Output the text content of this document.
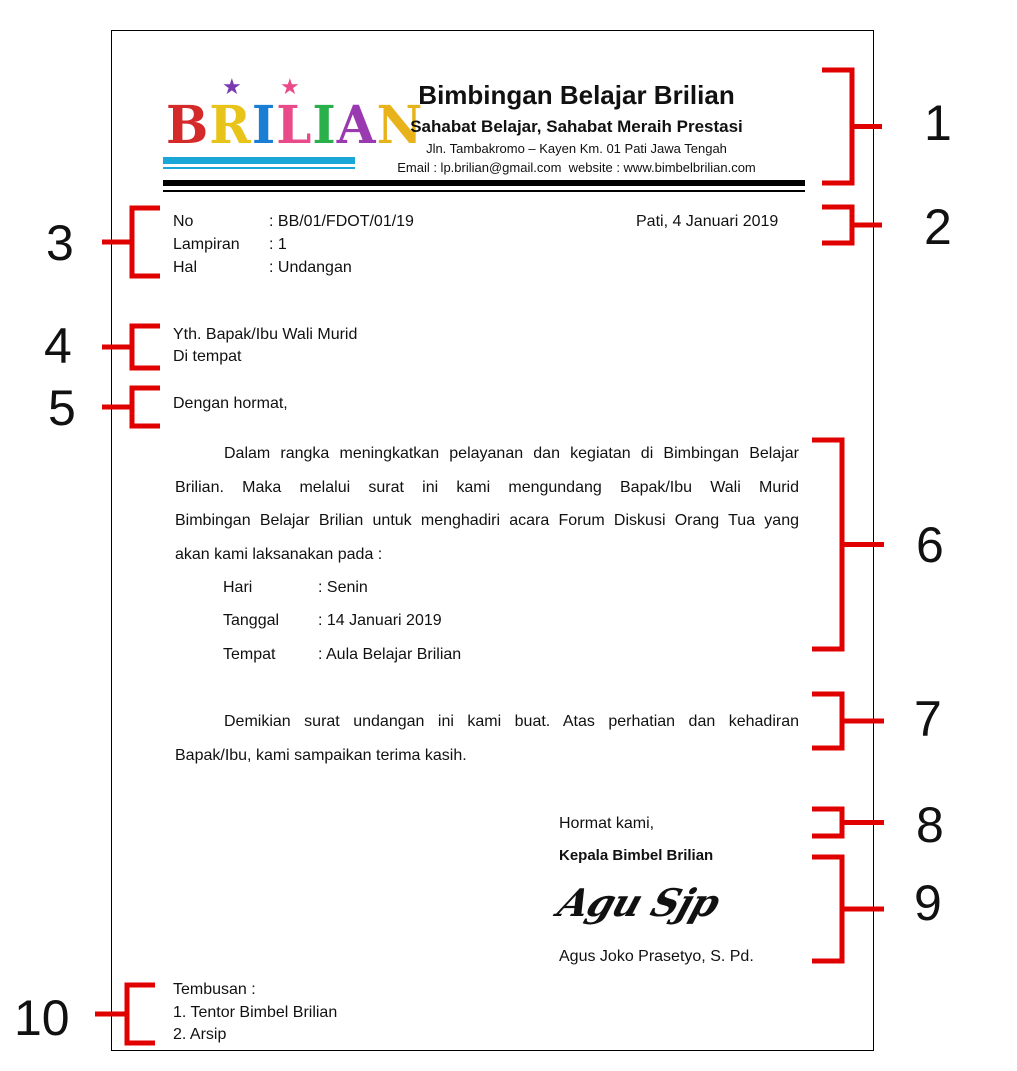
★ ★
BRILIAN
Bimbingan Belajar Brilian
Sahabat Belajar, Sahabat Meraih Prestasi
Jln. Tambakromo – Kayen Km. 01 Pati Jawa Tengah
Email : lp.brilian@gmail.com  website : www.bimbelbrilian.com
No	: BB/01/FDOT/01/19
Lampiran : 1
Hal	: Undangan
Pati, 4 Januari 2019
Yth. Bapak/Ibu Wali Murid
Di tempat
Dengan hormat,
Dalam rangka meningkatkan pelayanan dan kegiatan di Bimbingan Belajar
Brilian. Maka melalui surat ini kami mengundang Bapak/Ibu Wali Murid
Bimbingan Belajar Brilian untuk menghadiri acara Forum Diskusi Orang Tua yang
akan kami laksanakan pada :
Hari	: Senin
Tanggal : 14 Januari 2019
Tempat	: Aula Belajar Brilian
Demikian surat undangan ini kami buat. Atas perhatian dan kehadiran
Bapak/Ibu, kami sampaikan terima kasih.
Hormat kami,
Kepala Bimbel Brilian
Agu Sjp
Agus Joko Prasetyo, S. Pd.
Tembusan :
1. Tentor Bimbel Brilian
2. Arsip
1
2
3
4
5
6
7
8
9
10
